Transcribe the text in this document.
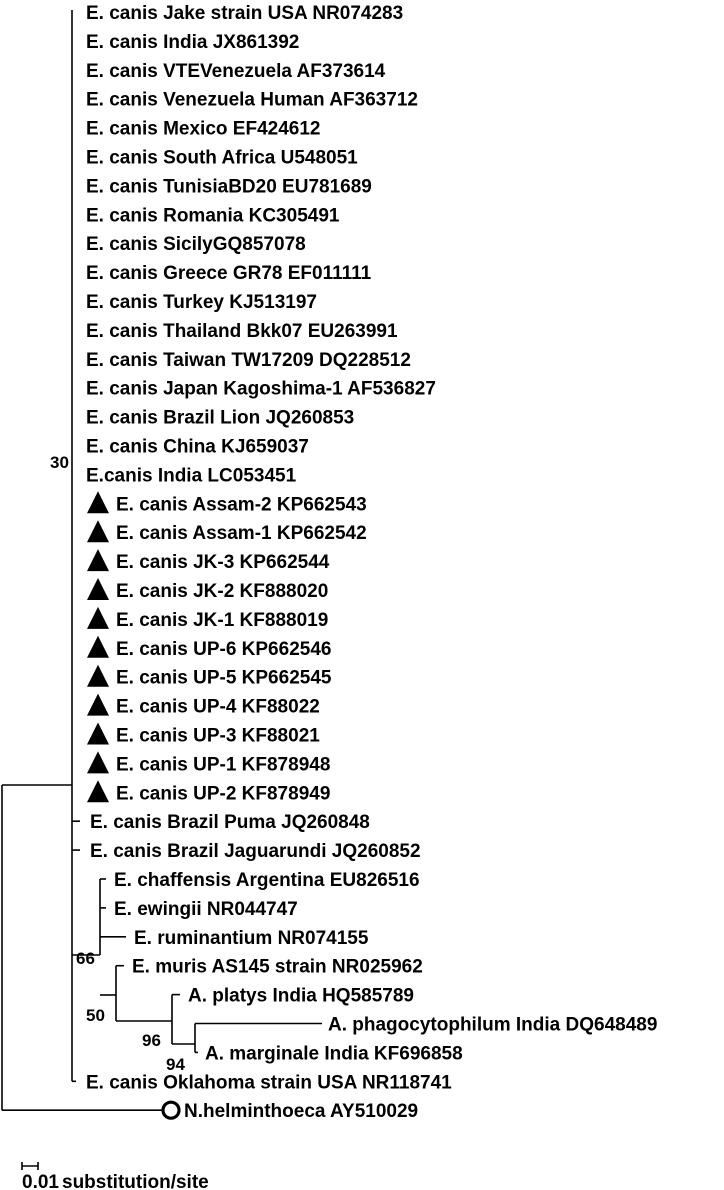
E. canis Jake strain USA NR074283
E. canis India JX861392
E. canis VTEVenezuela AF373614
E. canis Venezuela Human AF363712
E. canis Mexico EF424612
E. canis South Africa U548051
E. canis TunisiaBD20 EU781689
E. canis Romania KC305491
E. canis SicilyGQ857078
E. canis Greece GR78 EF011111
E. canis Turkey KJ513197
E. canis Thailand Bkk07 EU263991
E. canis Taiwan TW17209 DQ228512
E. canis Japan Kagoshima-1 AF536827
E. canis Brazil Lion JQ260853
E. canis China KJ659037
E.canis India LC053451
E. canis Assam-2 KP662543
E. canis Assam-1 KP662542
E. canis JK-3 KP662544
E. canis JK-2 KF888020
E. canis JK-1 KF888019
E. canis UP-6 KP662546
E. canis UP-5 KP662545
E. canis UP-4 KF88022
E. canis UP-3 KF88021
E. canis UP-1 KF878948
E. canis UP-2 KF878949
E. canis Brazil Puma JQ260848
E. canis Brazil Jaguarundi JQ260852
E. chaffensis Argentina EU826516
E. ewingii NR044747
E. ruminantium NR074155
E. muris AS145 strain NR025962
A. platys India HQ585789
A. phagocytophilum India DQ648489
A. marginale India KF696858
E. canis Oklahoma strain USA NR118741
N.helminthoeca AY510029
30
66
50
96
94
0.01 substitution/site
